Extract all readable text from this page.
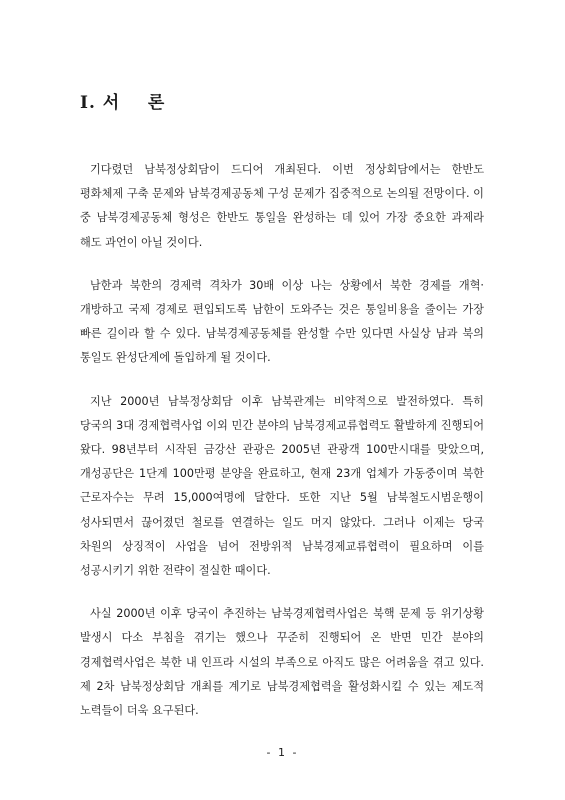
Ⅰ. 서    론

기다렸던 남북정상회담이 드디어 개최된다. 이번 정상회담에서는 한반도 평화체제 구축 문제와 남북경제공동체 구성 문제가 집중적으로 논의될 전망이다. 이 중 남북경제공동체 형성은 한반도 통일을 완성하는 데 있어 가장 중요한 과제라 해도 과언이 아닐 것이다.

남한과 북한의 경제력 격차가 30배 이상 나는 상황에서 북한 경제를 개혁·개방하고 국제 경제로 편입되도록 남한이 도와주는 것은 통일비용을 줄이는 가장 빠른 길이라 할 수 있다. 남북경제공동체를 완성할 수만 있다면 사실상 남과 북의 통일도 완성단계에 돌입하게 될 것이다.

지난 2000년 남북정상회담 이후 남북관계는 비약적으로 발전하였다. 특히 당국의 3대 경제협력사업 이외 민간 분야의 남북경제교류협력도 활발하게 진행되어 왔다. 98년부터 시작된 금강산 관광은 2005년 관광객 100만시대를 맞았으며, 개성공단은 1단계 100만평 분양을 완료하고, 현재 23개 업체가 가동중이며 북한 근로자수는 무려 15,000여명에 달한다. 또한 지난 5월 남북철도시범운행이 성사되면서 끊어졌던 철로를 연결하는 일도 머지 않았다. 그러나 이제는 당국 차원의 상징적이 사업을 넘어 전방위적 남북경제교류협력이 필요하며 이를 성공시키기 위한 전략이 절실한 때이다.

사실 2000년 이후 당국이 추진하는 남북경제협력사업은 북핵 문제 등 위기상황 발생시 다소 부침을 겪기는 했으나 꾸준히 진행되어 온 반면 민간 분야의 경제협력사업은 북한 내 인프라 시설의 부족으로 아직도 많은 어려움을 겪고 있다. 제 2차 남북정상회담 개최를 계기로 남북경제협력을 활성화시킬 수 있는 제도적 노력들이 더욱 요구된다.

- 1 -
